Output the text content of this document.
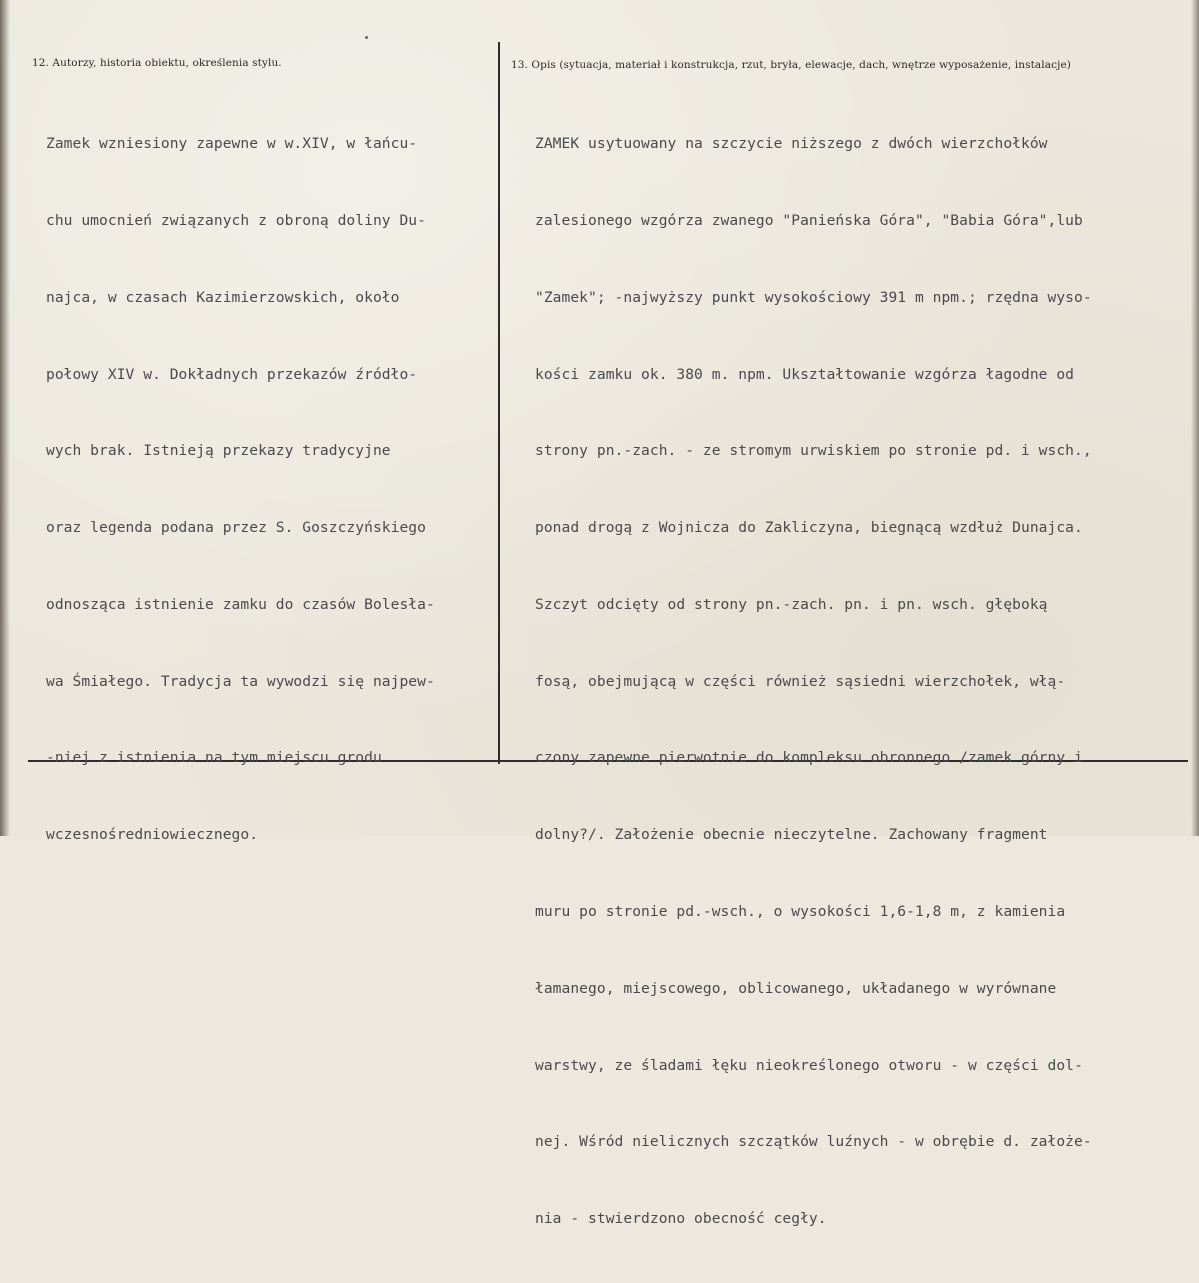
12. Autorzy, historia obiektu, określenia stylu.	13. Opis (sytuacja, materiał i konstrukcja, rzut, bryła, elewacje, dach, wnętrze wyposażenie, instalacje)

Zamek wzniesiony zapewne w w.XIV, w łańcu-

chu umocnień związanych z obroną doliny Du-

najca, w czasach Kazimierzowskich, około

połowy XIV w. Dokładnych przekazów źródło-

wych brak. Istnieją przekazy tradycyjne

oraz legenda podana przez S. Goszczyńskiego

odnosząca istnienie zamku do czasów Bolesła-

wa Śmiałego. Tradycja ta wywodzi się najpew-

-niej z istnienia na tym miejscu grodu

wczesnośredniowiecznego.

ZAMEK usytuowany na szczycie niższego z dwóch wierzchołków

zalesionego wzgórza zwanego "Panieńska Góra", "Babia Góra",lub

"Zamek"; -najwyższy punkt wysokościowy 391 m npm.; rzędna wyso-

kości zamku ok. 380 m. npm. Ukształtowanie wzgórza łagodne od

strony pn.-zach. - ze stromym urwiskiem po stronie pd. i wsch.,

ponad drogą z Wojnicza do Zakliczyna, biegnącą wzdłuż Dunajca.

Szczyt odcięty od strony pn.-zach. pn. i pn. wsch. głęboką

fosą, obejmującą w części również sąsiedni wierzchołek, włą-

czony zapewne pierwotnie do kompleksu obronnego /zamek górny i

dolny?/. Założenie obecnie nieczytelne. Zachowany fragment

muru po stronie pd.-wsch., o wysokości 1,6-1,8 m, z kamienia

łamanego, miejscowego, oblicowanego, układanego w wyrównane

warstwy, ze śladami łęku nieokreślonego otworu - w części dol-

nej. Wśród nielicznych szczątków luźnych - w obrębie d. założe-

nia - stwierdzono obecność cegły.
